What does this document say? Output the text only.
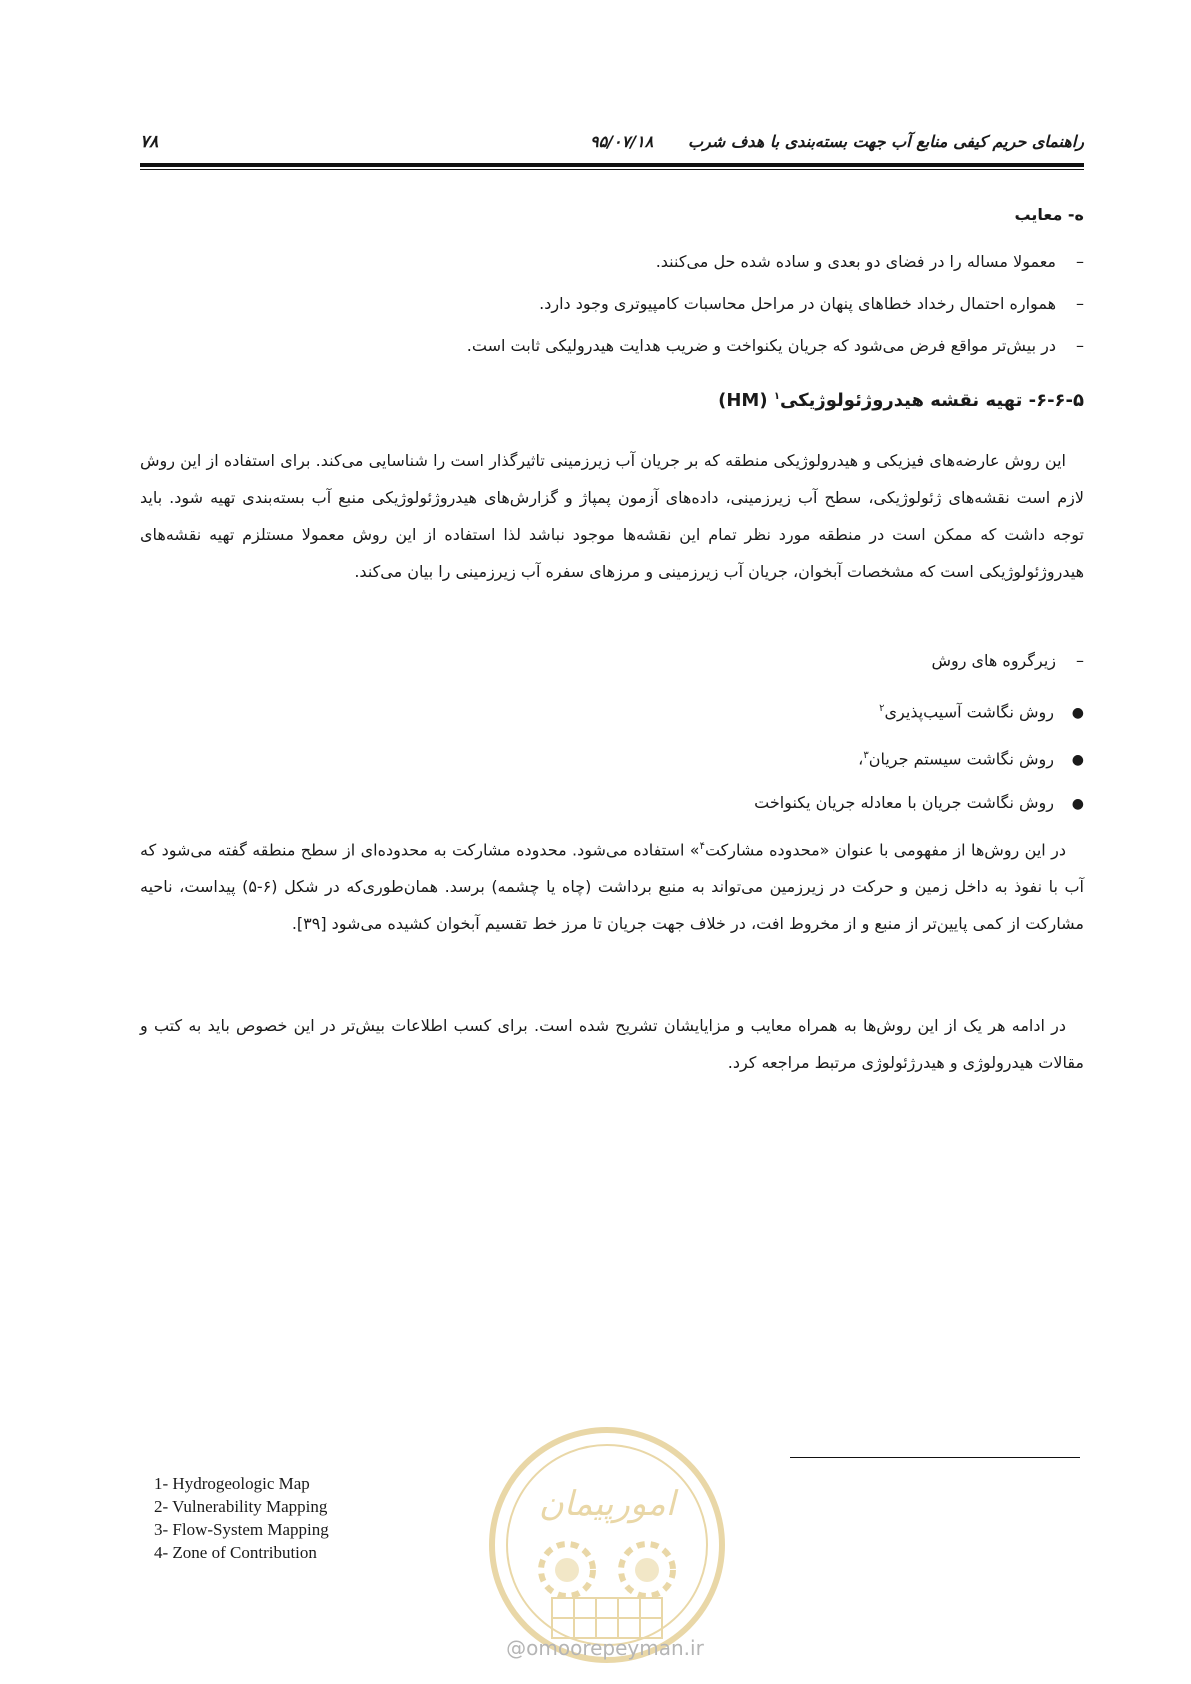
۷۸	۹۵/۰۷/۱۸ راهنمای حریم کیفی منابع آب جهت بسته‌بندی با هدف شرب
ه- معایب
–معمولا مساله را در فضای دو بعدی و ساده شده حل می‌کنند.
–همواره احتمال رخداد خطاهای پنهان در مراحل محاسبات کامپیوتری وجود دارد.
–در بیش‌تر مواقع فرض می‌شود که جریان یکنواخت و ضریب هدایت هیدرولیکی ثابت است.
۶-۶-۵- تهیه نقشه هیدروژئولوژیکی$^۱$ (HM)
این روش عارضه‌های فیزیکی و هیدرولوژیکی منطقه که بر جریان آب زیرزمینی تاثیرگذار است را شناسایی می‌کند. برای استفاده از این روش لازم است نقشه‌های ژئولوژیکی، سطح آب زیرزمینی، داده‌های آزمون پمپاژ و گزارش‌های هیدروژئولوژیکی منبع آب بسته‌بندی تهیه شود. باید توجه داشت که ممکن است در منطقه مورد نظر تمام این نقشه‌ها موجود نباشد لذا استفاده از این روش معمولا مستلزم تهیه نقشه‌های هیدروژئولوژیکی است که مشخصات آبخوان، جریان آب زیرزمینی و مرزهای سفره آب زیرزمینی را بیان می‌کند.
–زیرگروه های روش
●روش نگاشت آسیب‌پذیری$^۲$
●روش نگاشت سیستم جریان$^۳$،
●روش نگاشت جریان با معادله جریان یکنواخت
در این روش‌ها از مفهومی با عنوان «محدوده مشارکت$^۴$» استفاده می‌شود. محدوده مشارکت به محدوده‌ای از سطح منطقه گفته می‌شود که آب با نفوذ به داخل زمین و حرکت در زیرزمین می‌تواند به منبع برداشت (چاه یا چشمه) برسد. همان‌طوری‌که در شکل (۶-۵) پیداست، ناحیه مشارکت از کمی پایین‌تر از منبع و از مخروط افت، در خلاف جهت جریان تا مرز خط تقسیم آبخوان کشیده می‌شود [۳۹].
در ادامه هر یک از این روش‌ها به همراه معایب و مزایایشان تشریح شده است. برای کسب اطلاعات بیش‌تر در این خصوص باید به کتب و مقالات هیدرولوژی و هیدرژئولوژی مرتبط مراجعه کرد.
1- Hydrogeologic Map
2- Vulnerability Mapping
3- Flow-System Mapping
4- Zone of Contribution
امورپیمان
@omoorepeyman.ir
